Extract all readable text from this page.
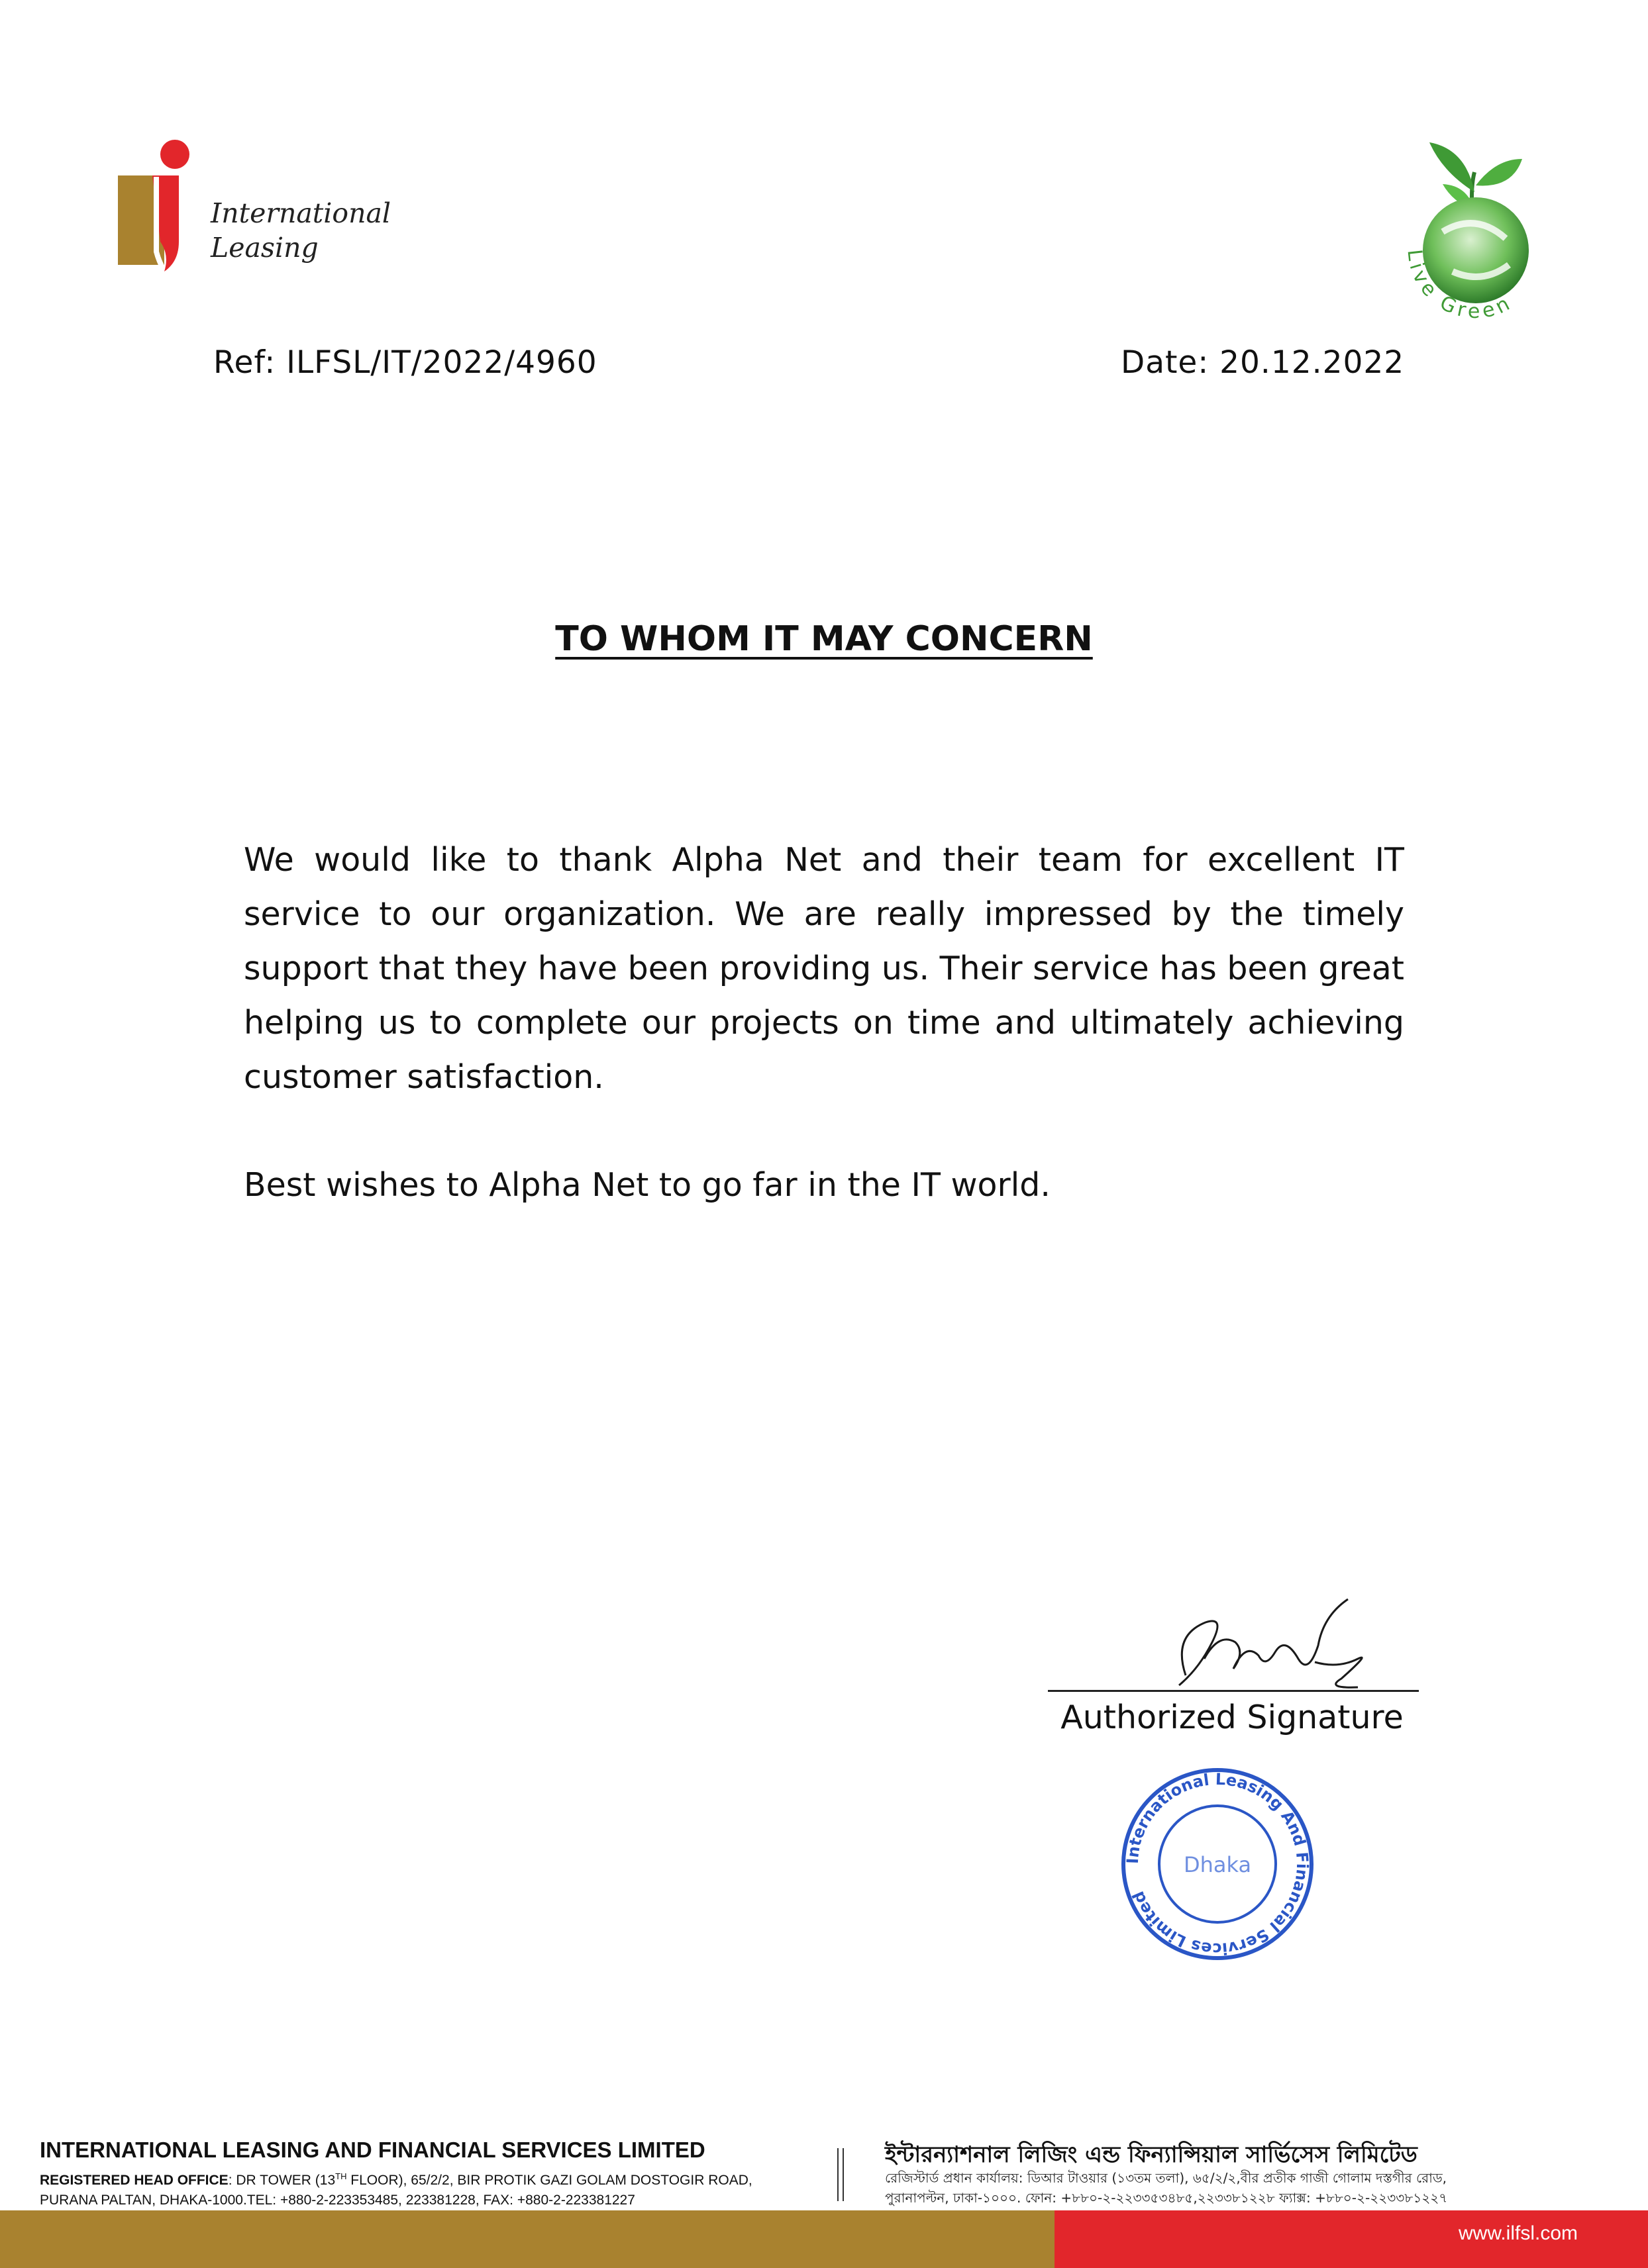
International
Leasing	Live Green
Ref: ILFSL/IT/2022/4960	Date: 20.12.2022
TO WHOM IT MAY CONCERN
We would like to thank Alpha Net and their team for excellent IT service to our organization. We are really impressed by the timely support that they have been providing us. Their service has been great helping us to complete our projects on time and ultimately achieving customer satisfaction.
Best wishes to Alpha Net to go far in the IT world.
Authorized Signature
International Leasing And Financial Services Limited
Dhaka
INTERNATIONAL LEASING AND FINANCIAL SERVICES LIMITED
REGISTERED HEAD OFFICE: DR TOWER (13TH FLOOR), 65/2/2, BIR PROTIK GAZI GOLAM DOSTOGIR ROAD,
PURANA PALTAN, DHAKA-1000.TEL: +880-2-223353485, 223381228, FAX: +880-2-223381227
ইন্টারন্যাশনাল লিজিং এন্ড ফিন্যান্সিয়াল সার্ভিসেস লিমিটেড
রেজিস্টার্ড প্রধান কার্যালয়: ডিআর টাওয়ার (১৩তম তলা), ৬৫/২/২,বীর প্রতীক গাজী গোলাম দস্তগীর রোড,
পুরানাপল্টন, ঢাকা-১০০০. ফোন: +৮৮০-২-২২৩৩৫৩৪৮৫,২২৩৩৮১২২৮ ফ্যাক্স: +৮৮০-২-২২৩৩৮১২২৭
www.ilfsl.com
